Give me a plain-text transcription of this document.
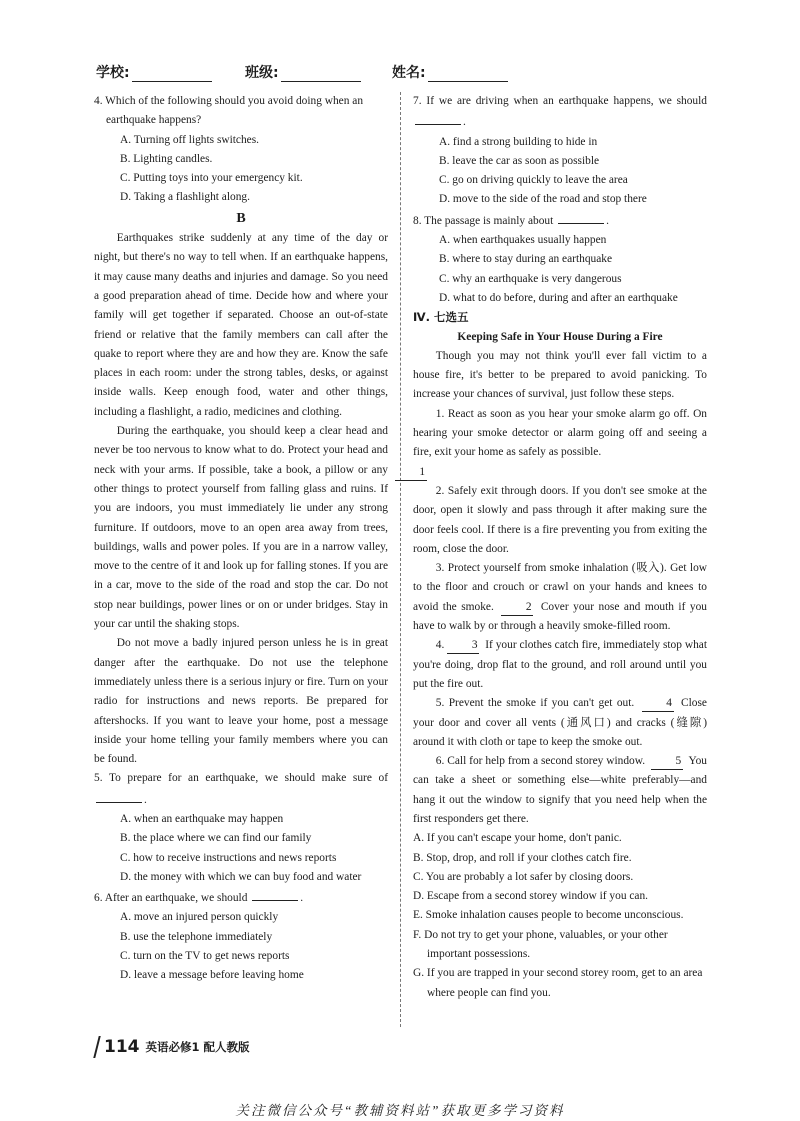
学校:	班级:	姓名:

4. Which of the following should you avoid doing when an
earthquake happens?

A. Turning off lights switches.

B. Lighting candles.

C. Putting toys into your emergency kit.

D. Taking a flashlight along.

B

Earthquakes strike suddenly at any time of the day or night, but there's no way to tell when. If an earthquake happens, it may cause many deaths and injuries and damage. So you need a good preparation ahead of time. Decide how and where your family will get together if separated. Choose an out-of-state friend or relative that the family members can call after the quake to report where they are and how they are. Know the safe places in each room: under the strong tables, desks, or against inside walls. Keep enough food, water and other things, including a flashlight, a radio, medicines and clothing.

During the earthquake, you should keep a clear head and never be too nervous to know what to do. Protect your head and neck with your arms. If possible, take a book, a pillow or any other things to protect yourself from falling glass and ruins. If you are indoors, you must immediately lie under any strong furniture. If outdoors, move to an open area away from trees, buildings, walls and power poles. If you are in a narrow valley, move to the centre of it and look up for falling stones. If you are in a car, move to the side of the road and stop the car. Do not stop near buildings, power lines or on or under bridges. Stay in your car until the shaking stops.

Do not move a badly injured person unless he is in great danger after the earthquake. Do not use the telephone immediately unless there is a serious injury or fire. Turn on your radio for instructions and news reports. Be prepared for aftershocks. If you want to leave your home, post a message inside your home telling your family members where you can be found.

5. To prepare for an earthquake, we should make sure of .

A. when an earthquake may happen

B. the place where we can find our family

C. how to receive instructions and news reports

D. the money with which we can buy food and water

6. After an earthquake, we should	.

A. move an injured person quickly

B. use the telephone immediately

C. turn on the TV to get news reports

D. leave a message before leaving home

7. If we are driving when an earthquake happens, we should .

A. find a strong building to hide in

B. leave the car as soon as possible

C. go on driving quickly to leave the area

D. move to the side of the road and stop there

8. The passage is mainly about	.

A. when earthquakes usually happen

B. where to stay during an earthquake

C. why an earthquake is very dangerous

D. what to do before, during and after an earthquake

Ⅳ. 七选五

Keeping Safe in Your House During a Fire

Though you may not think you'll ever fall victim to a house fire, it's better to be prepared to avoid panicking. To increase your chances of survival, just follow these steps.

1. React as soon as you hear your smoke alarm go off. On hearing your smoke detector or alarm going off and seeing a fire, exit your home as safely as possible.
1

2. Safely exit through doors. If you don't see smoke at the door, open it slowly and pass through it after making sure the door feels cool. If there is a fire preventing you from exiting the room, close the door.

3. Protect yourself from smoke inhalation (吸入). Get low to the floor and crouch or crawl on your hands and knees to avoid the smoke.	2 Cover your nose and mouth if you have to walk by or through a heavily smoke-filled room.

4. 3 If your clothes catch fire, immediately stop what you're doing, drop flat to the ground, and roll around until you put the fire out.

5. Prevent the smoke if you can't get out.	4 Close your door and cover all vents (通风口) and cracks (缝隙) around it with cloth or tape to keep the smoke out.

6. Call for help from a second storey window.	5 You can take a sheet or something else—white preferably—and hang it out the window to signify that you need help when the first responders get there.

A. If you can't escape your home, don't panic.

B. Stop, drop, and roll if your clothes catch fire.

C. You are probably a lot safer by closing doors.

D. Escape from a second storey window if you can.

E. Smoke inhalation causes people to become unconscious.

F. Do not try to get your phone, valuables, or your other important possessions.

G. If you are trapped in your second storey room, get to an area where people can find you.

114 英语必修1 配人教版
关注微信公众号“教辅资料站”获取更多学习资料
